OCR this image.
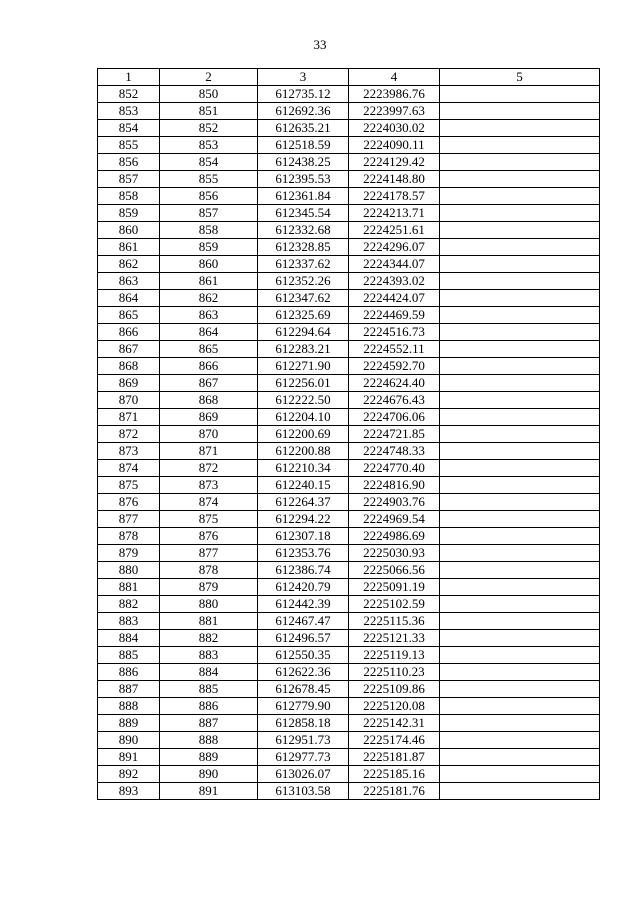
33
1	2	3	4	5
852	850	612735.12	2223986.76	
853	851	612692.36	2223997.63	
854	852	612635.21	2224030.02	
855	853	612518.59	2224090.11	
856	854	612438.25	2224129.42	
857	855	612395.53	2224148.80	
858	856	612361.84	2224178.57	
859	857	612345.54	2224213.71	
860	858	612332.68	2224251.61	
861	859	612328.85	2224296.07	
862	860	612337.62	2224344.07	
863	861	612352.26	2224393.02	
864	862	612347.62	2224424.07	
865	863	612325.69	2224469.59	
866	864	612294.64	2224516.73	
867	865	612283.21	2224552.11	
868	866	612271.90	2224592.70	
869	867	612256.01	2224624.40	
870	868	612222.50	2224676.43	
871	869	612204.10	2224706.06	
872	870	612200.69	2224721.85	
873	871	612200.88	2224748.33	
874	872	612210.34	2224770.40	
875	873	612240.15	2224816.90	
876	874	612264.37	2224903.76	
877	875	612294.22	2224969.54	
878	876	612307.18	2224986.69	
879	877	612353.76	2225030.93	
880	878	612386.74	2225066.56	
881	879	612420.79	2225091.19	
882	880	612442.39	2225102.59	
883	881	612467.47	2225115.36	
884	882	612496.57	2225121.33	
885	883	612550.35	2225119.13	
886	884	612622.36	2225110.23	
887	885	612678.45	2225109.86	
888	886	612779.90	2225120.08	
889	887	612858.18	2225142.31	
890	888	612951.73	2225174.46	
891	889	612977.73	2225181.87	
892	890	613026.07	2225185.16	
893	891	613103.58	2225181.76	
